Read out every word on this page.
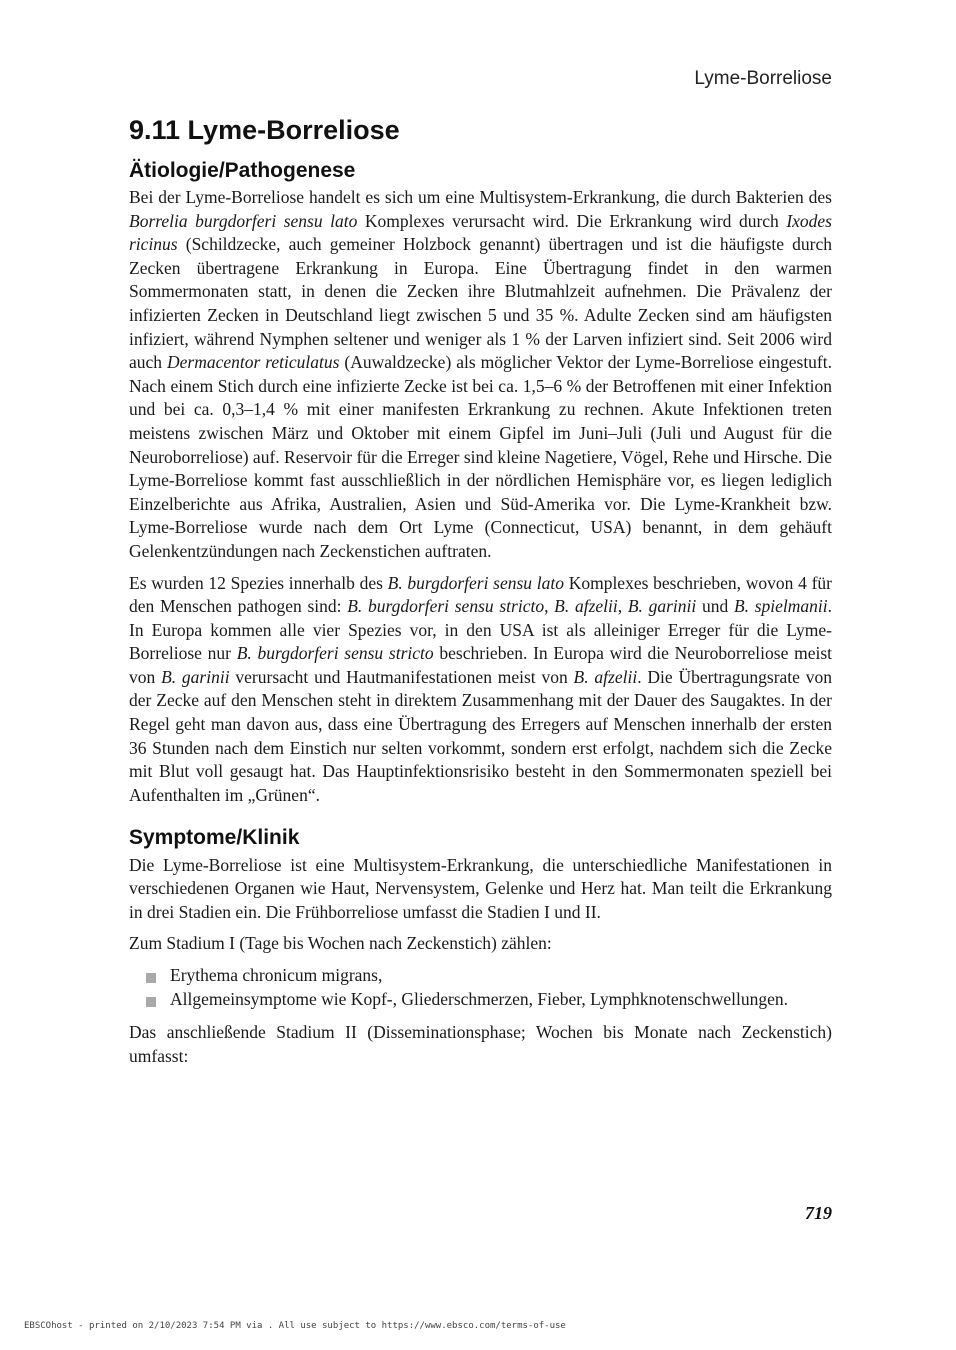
Lyme-Borreliose
9.11 Lyme-Borreliose
Ätiologie/Pathogenese

Bei der Lyme-Borreliose handelt es sich um eine Multisystem-Erkrankung, die durch Bakterien des Borrelia burgdorferi sensu lato Komplexes verursacht wird. Die Erkrankung wird durch Ixodes ricinus (Schildzecke, auch gemeiner Holzbock genannt) übertragen und ist die häufigste durch Zecken übertragene Erkrankung in Europa. Eine Übertragung findet in den warmen Sommermonaten statt, in denen die Zecken ihre Blutmahlzeit aufnehmen. Die Prävalenz der infizierten Zecken in Deutschland liegt zwischen 5 und 35 %. Adulte Zecken sind am häufigsten infiziert, während Nymphen seltener und weniger als 1 % der Larven infiziert sind. Seit 2006 wird auch Dermacentor reticulatus (Auwaldzecke) als möglicher Vektor der Lyme-Borreliose eingestuft. Nach einem Stich durch eine infizierte Zecke ist bei ca. 1,5–6 % der Betroffenen mit einer Infektion und bei ca. 0,3–1,4 % mit einer manifesten Erkrankung zu rechnen. Akute Infektionen treten meistens zwischen März und Oktober mit einem Gipfel im Juni–Juli (Juli und August für die Neuroborreliose) auf. Reservoir für die Erreger sind kleine Nagetiere, Vögel, Rehe und Hirsche. Die Lyme-Borreliose kommt fast ausschließlich in der nördlichen Hemisphäre vor, es liegen lediglich Einzelberichte aus Afrika, Australien, Asien und Süd-Amerika vor. Die Lyme-Krankheit bzw. Lyme-Borreliose wurde nach dem Ort Lyme (Connecticut, USA) benannt, in dem gehäuft Gelenkentzündungen nach Zeckenstichen auftraten.

Es wurden 12 Spezies innerhalb des B. burgdorferi sensu lato Komplexes beschrieben, wovon 4 für den Menschen pathogen sind: B. burgdorferi sensu stricto, B. afzelii, B. garinii und B. spielmanii. In Europa kommen alle vier Spezies vor, in den USA ist als alleiniger Erreger für die Lyme-Borreliose nur B. burgdorferi sensu stricto beschrieben. In Europa wird die Neuroborreliose meist von B. garinii verursacht und Hautmanifestationen meist von B. afzelii. Die Übertragungsrate von der Zecke auf den Menschen steht in direktem Zusammenhang mit der Dauer des Saugaktes. In der Regel geht man davon aus, dass eine Übertragung des Erregers auf Menschen innerhalb der ersten 36 Stunden nach dem Einstich nur selten vorkommt, sondern erst erfolgt, nachdem sich die Zecke mit Blut voll gesaugt hat. Das Hauptinfektionsrisiko besteht in den Sommermonaten speziell bei Aufenthalten im „Grünen“.

Symptome/Klinik

Die Lyme-Borreliose ist eine Multisystem-Erkrankung, die unterschiedliche Manifestationen in verschiedenen Organen wie Haut, Nervensystem, Gelenke und Herz hat. Man teilt die Erkrankung in drei Stadien ein. Die Frühborreliose umfasst die Stadien I und II.

Zum Stadium I (Tage bis Wochen nach Zeckenstich) zählen:

Erythema chronicum migrans,
Allgemeinsymptome wie Kopf-, Gliederschmerzen, Fieber, Lymphknotenschwellungen.

Das anschließende Stadium II (Disseminationsphase; Wochen bis Monate nach Zeckenstich) umfasst:

719
EBSCOhost - printed on 2/10/2023 7:54 PM via . All use subject to https://www.ebsco.com/terms-of-use
